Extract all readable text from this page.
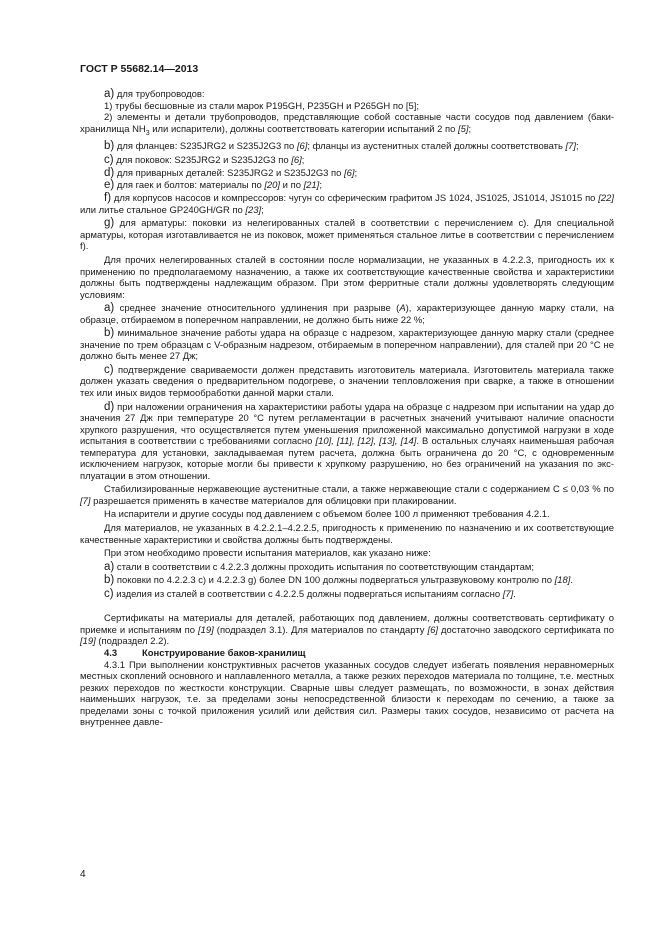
ГОСТ Р 55682.14—2013

а) для трубопроводов:

1) трубы бесшовные из стали марок P195GH, P235GH и P265GH по [5];

2) элементы и детали трубопроводов, представляющие собой составные части сосудов под давлением (баки-хранилища $NH_3$ или испарители), должны соответствовать категории испытаний 2 по [5];

b) для фланцев: S235JRG2 и S235J2G3 по [6]; фланцы из аустенитных сталей должны соответствовать [7];

c) для поковок: S235JRG2 и S235J2G3 по [6];

d) для приварных деталей: S235JRG2 и S235J2G3 по [6];

e) для гаек и болтов: материалы по [20] и по [21];

f) для корпусов насосов и компрессоров: чугун со сферическим графитом JS 1024, JS1025, JS1014, JS1015 по [22] или литье стальное GP240GH/GR по [23];

g) для арматуры: поковки из нелегированных сталей в соответствии с перечислением с). Для специальной арматуры, которая изготавливается не из поковок, может применяться стальное литье в соответствии с перечислением f).

Для прочих нелегированных сталей в состоянии после нормализации, не указанных в 4.2.2.3, пригодность их к применению по предполагаемому назначению, а также их соответствующие качественные свойства и характеристики должны быть подтверждены надлежащим образом. При этом ферритные стали должны удовлетворять следующим условиям:

a) среднее значение относительного удлинения при разрыве (A), характеризующее данную марку стали, на образце, отбираемом в поперечном направлении, не должно быть ниже 22 %;

b) минимальное значение работы удара на образце с надрезом, характеризующее данную марку стали (среднее значение по трем образцам с V-образным надрезом, отбираемым в поперечном направлении), для сталей при 20 °С не должно быть менее 27 Дж;

c) подтверждение свариваемости должен представить изготовитель материала. Изготовитель материала также должен указать сведения о предварительном подогреве, о значении тепловложения при сварке, а также в отношении тех или иных видов термообработки данной марки стали.

d) при наложении ограничения на характеристики работы удара на образце с надрезом при испытании на удар до значения 27 Дж при температуре 20 °С путем регламентации в расчетных значений учитывают наличие опасности хрупкого разрушения, что осуществляется путем уменьшения приложенной максимально допустимой нагрузки в ходе испытания в соответствии с требованиями согласно [10], [11], [12], [13], [14]. В остальных случаях наименьшая рабочая температура для установки, закладываемая путем расчета, должна быть ограничена до 20 °С, с одновременным исключением нагрузок, которые могли бы привести к хрупкому разрушению, но без ограничений на указания по эксплуатации в этом отношении.

Стабилизированные нержавеющие аустенитные стали, а также нержавеющие стали с содержанием С ≤ 0,03 % по [7] разрешается применять в качестве материалов для облицовки при плакировании.

На испарители и другие сосуды под давлением с объемом более 100 л применяют требования 4.2.1.

Для материалов, не указанных в 4.2.2.1–4.2.2.5, пригодность к применению по назначению и их соответствующие качественные характеристики и свойства должны быть подтверждены.

При этом необходимо провести испытания материалов, как указано ниже:

a) стали в соответствии с 4.2.2.3 должны проходить испытания по соответствующим стандартам;

b) поковки по 4.2.2.3 с) и 4.2.2.3 g) более DN 100 должны подвергаться ультразвуковому контролю по [18].

c) изделия из сталей в соответствии с 4.2.2.5 должны подвергаться испытаниям согласно [7].

Сертификаты на материалы для деталей, работающих под давлением, должны соответствовать сертификату о приемке и испытаниям по [19] (подраздел 3.1). Для материалов по стандарту [6] достаточно заводского сертификата по [19] (подраздел 2.2).

4.3	Конструирование баков-хранилищ

4.3.1 При выполнении конструктивных расчетов указанных сосудов следует избегать появления неравномерных местных скоплений основного и наплавленного металла, а также резких переходов материала по толщине, т.е. местных резких переходов по жесткости конструкции. Сварные швы следует размещать, по возможности, в зонах действия наименьших нагрузок, т.е. за пределами зоны непосредственной близости к переходам по сечению, а также за пределами зоны с точкой приложения усилий или действия сил. Размеры таких сосудов, независимо от расчета на внутреннее давле-

4
